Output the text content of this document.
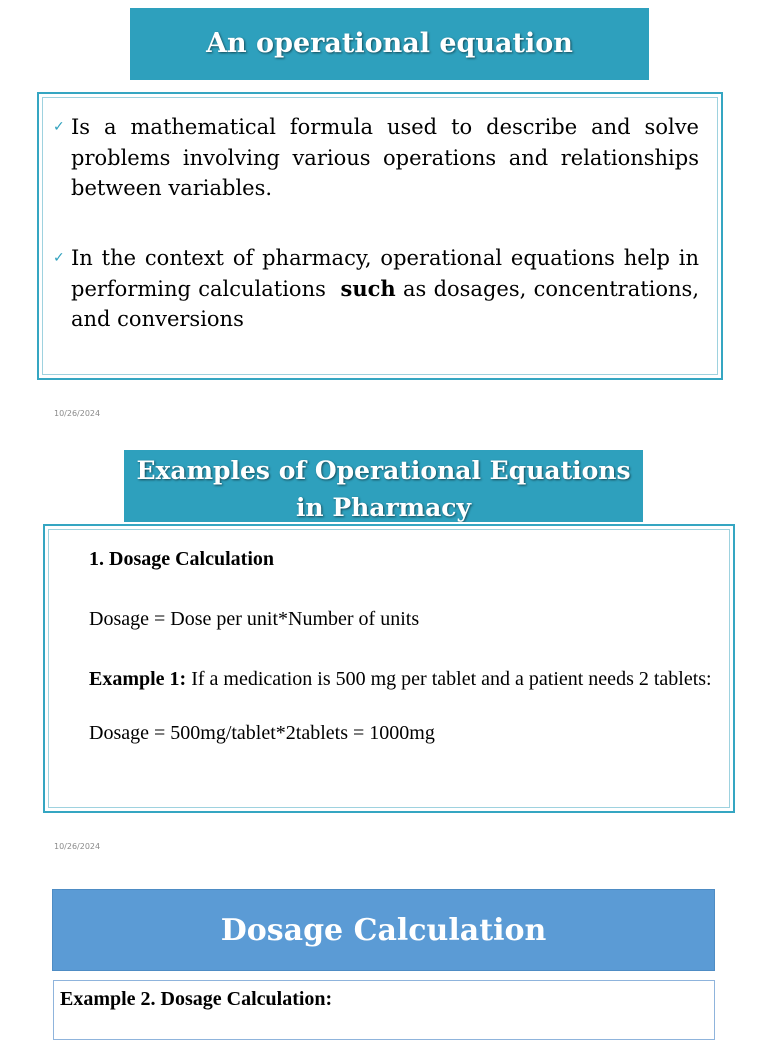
An operational equation
✓ Is a mathematical formula used to describe and solve problems involving various operations and relationships between variables.
✓ In the context of pharmacy, operational equations help in performing calculations such as dosages, concentrations, and conversions
10/26/2024
Examples of Operational Equations in Pharmacy
1. Dosage Calculation
Dosage = Dose per unit*Number of units
Example 1: If a medication is 500 mg per tablet and a patient needs 2 tablets:
Dosage = 500mg/tablet*2tablets = 1000mg
10/26/2024
Dosage Calculation
Example 2. Dosage Calculation:
